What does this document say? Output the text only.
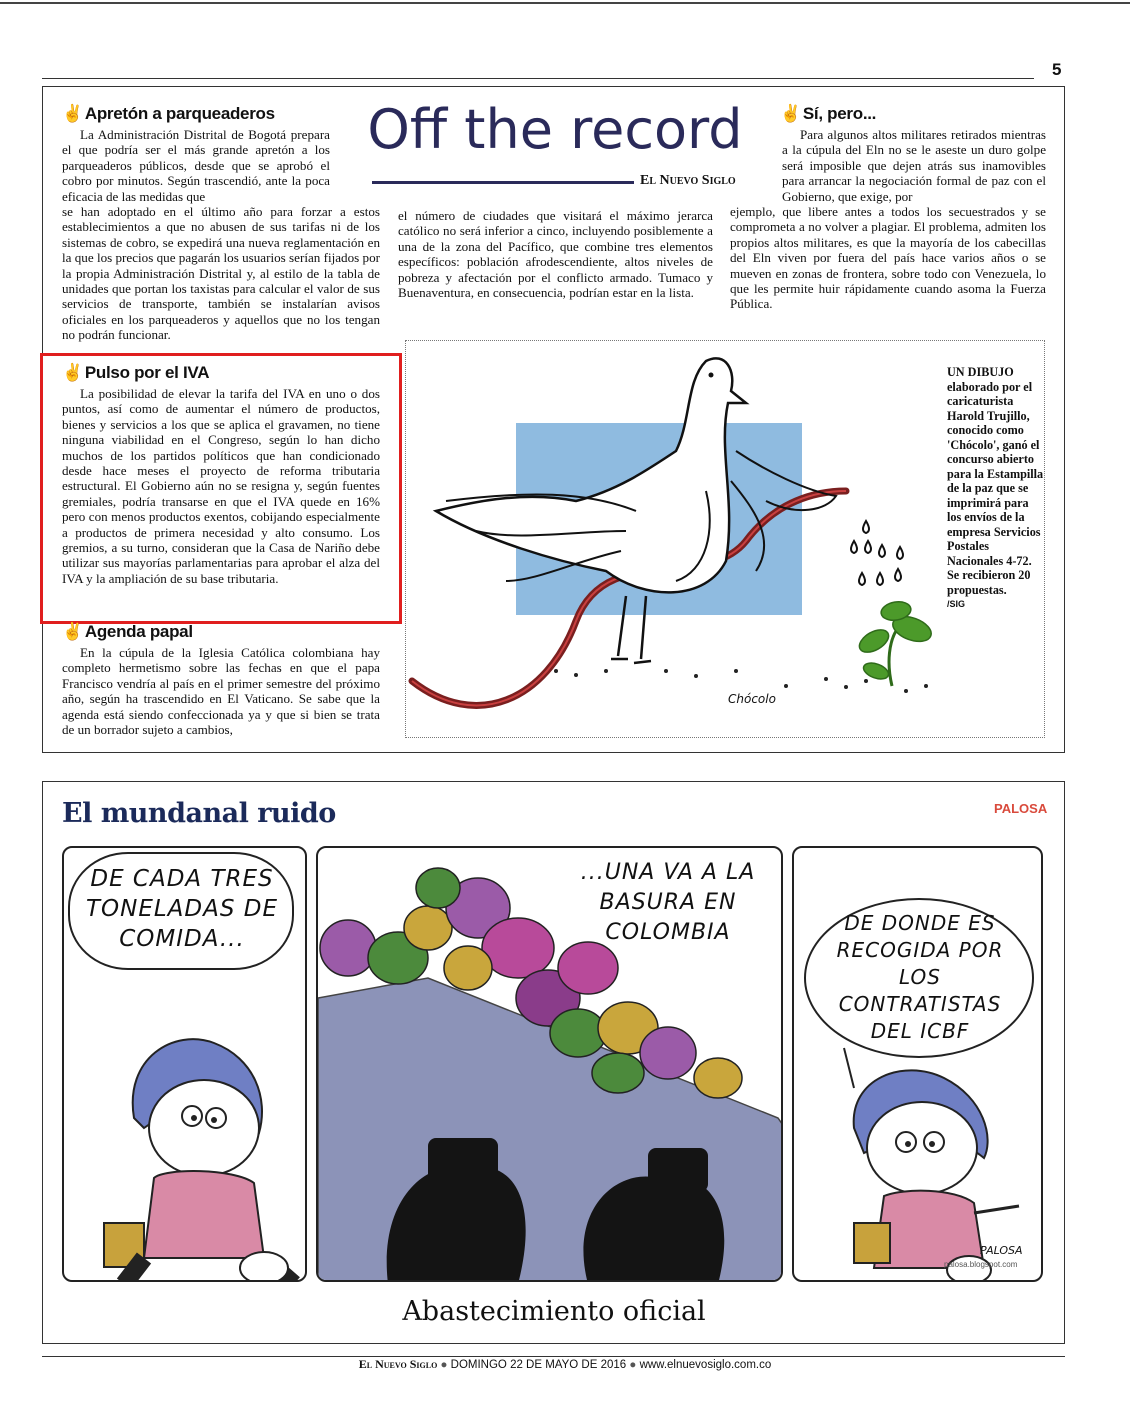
5
✌ Apretón a parqueaderos

La Administración Distrital de Bogotá prepara el que podría ser el más grande apretón a los parqueaderos públicos, desde que se aprobó el cobro por minutos. Según trascendió, ante la poca eficacia de las medidas que

se han adoptado en el último año para forzar a estos establecimientos a que no abusen de sus tarifas ni de los sistemas de cobro, se expedirá una nueva reglamentación en la que los precios que pagarán los usuarios serían fijados por la propia Administración Distrital y, al estilo de la tabla de unidades que portan los taxistas para calcular el valor de sus servicios de transporte, también se instalarían avisos oficiales en los parqueaderos y aquellos que no los tengan no podrán funcionar.

Off the record
El Nuevo Siglo

el número de ciudades que visitará el máximo jerarca católico no será inferior a cinco, incluyendo posiblemente a una de la zona del Pacífico, que combine tres elementos específicos: población afrodescendiente, altos niveles de pobreza y afectación por el conflicto armado. Tumaco y Buenaventura, en consecuencia, podrían estar en la lista.

✌ Sí, pero...

Para algunos altos militares retirados mientras a la cúpula del Eln no se le aseste un duro golpe será imposible que dejen atrás sus inamovibles para arrancar la negociación formal de paz con el Gobierno, que exige, por

ejemplo, que libere antes a todos los secuestrados y se comprometa a no volver a plagiar. El problema, admiten los propios altos militares, es que la mayoría de los cabecillas del Eln viven por fuera del país hace varios años o se mueven en zonas de frontera, sobre todo con Venezuela, lo que les permite huir rápidamente cuando asoma la Fuerza Pública.

✌ Pulso por el IVA

La posibilidad de elevar la tarifa del IVA en uno o dos puntos, así como de aumentar el número de productos, bienes y servicios a los que se aplica el gravamen, no tiene ninguna viabilidad en el Congreso, según lo han dicho muchos de los partidos políticos que han condicionado desde hace meses el proyecto de reforma tributaria estructural. El Gobierno aún no se resigna y, según fuentes gremiales, podría transarse en que el IVA quede en 16% pero con menos productos exentos, cobijando especialmente a productos de primera necesidad y alto consumo. Los gremios, a su turno, consideran que la Casa de Nariño debe utilizar sus mayorías parlamentarias para aprobar el alza del IVA y la ampliación de su base tributaria.

✌ Agenda papal

En la cúpula de la Iglesia Católica colombiana hay completo hermetismo sobre las fechas en que el papa Francisco vendría al país en el primer semestre del próximo año, según ha trascendido en El Vaticano. Se sabe que la agenda está siendo confeccionada ya y que si bien se trata de un borrador sujeto a cambios,

Chócolo
UN DIBUJO elaborado por el caricaturista Harold Trujillo, conocido como 'Chócolo', ganó el concurso abierto para la Estampilla de la paz que se imprimirá para los envíos de la empresa Servicios Postales Nacionales 4-72. Se recibieron 20 propuestas.
/SIG
El mundanal ruido	PALOSA
DE CADA TRES TONELADAS DE COMIDA...
...UNA VA A LA BASURA EN COLOMBIA	DE DONDE ES RECOGIDA POR LOS CONTRATISTAS DEL ICBF
PALOSA
palosa.blogspot.com
Abastecimiento oficial
El Nuevo Siglo ● DOMINGO 22 DE MAYO DE 2016 ● www.elnuevosiglo.com.co
